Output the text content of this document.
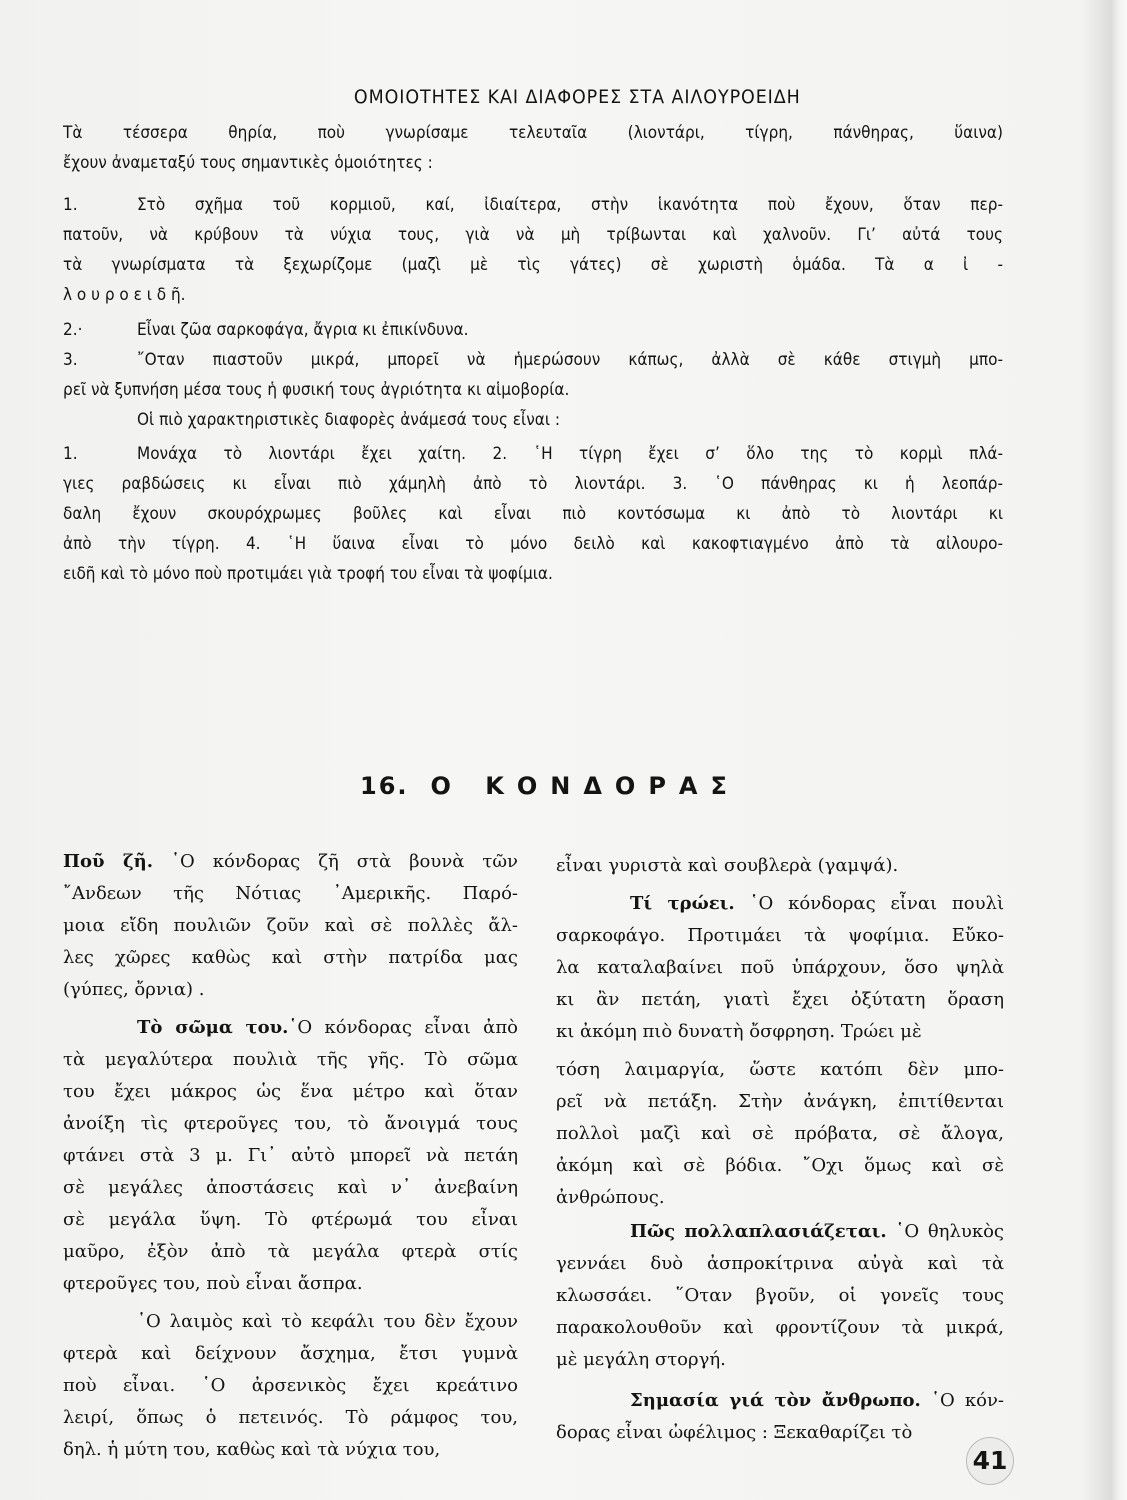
ΟΜΟΙΟΤΗΤΕΣ ΚΑΙ ΔΙΑΦΟΡΕΣ ΣΤΑ ΑΙΛΟΥΡΟΕΙΔΗ
Τὰ τέσσερα θηρία, ποὺ γνωρίσαμε τελευταῖα (λιοντάρι, τίγρη, πάνθηρας, ὕαινα)
ἔχουν ἀναμεταξύ τους σημαντικὲς ὁμοιότητες :
1.	Στὸ σχῆμα τοῦ κορμιοῦ, καί, ἰδιαίτερα, στὴν ἱκανότητα ποὺ ἔχουν, ὅταν περ-
πατοῦν, νὰ κρύβουν τὰ νύχια τους, γιὰ νὰ μὴ τρίβωνται καὶ χαλνοῦν. Γι’ αὐτά τους
τὰ γνωρίσματα τὰ ξεχωρίζομε (μαζὶ μὲ τὶς γάτες) σὲ χωριστὴ ὁμάδα. Τὰ α ἰ -
λ ο υ ρ ο ε ι δ ῆ.
2.·	Εἶναι ζῶα σαρκοφάγα, ἄγρια κι ἐπικίνδυνα.
3.	῎Οταν πιαστοῦν μικρά, μπορεῖ νὰ ἡμερώσουν κάπως, ἀλλὰ σὲ κάθε στιγμὴ μπο-
ρεῖ νὰ ξυπνήση μέσα τους ἡ φυσική τους ἀγριότητα κι αἱμοβορία.
Οἱ πιὸ χαρακτηριστικὲς διαφορὲς ἀνάμεσά τους εἶναι :
1.	Μονάχα τὸ λιοντάρι ἔχει χαίτη. 2. ῾Η τίγρη ἔχει σ’ ὅλο της τὸ κορμὶ πλά-
γιες ραβδώσεις κι εἶναι πιὸ χάμηλὴ ἀπὸ τὸ λιοντάρι. 3. ῾Ο πάνθηρας κι ἡ λεοπάρ-
δαλη ἔχουν σκουρόχρωμες βοῦλες καὶ εἶναι πιὸ κοντόσωμα κι ἀπὸ τὸ λιοντάρι κι
ἀπὸ τὴν τίγρη. 4. ῾Η ὕαινα εἶναι τὸ μόνο δειλὸ καὶ κακοφτιαγμένο ἀπὸ τὰ αἰλουρο-
ειδῆ καὶ τὸ μόνο ποὺ προτιμάει γιὰ τροφή του εἶναι τὰ ψοφίμια.
16. Ο ΚΟΝΔΟΡΑΣ
Ποῦ ζῆ. ῾Ο κόνδορας ζῆ στὰ βουνὰ τῶν
῎Ανδεων τῆς Νότιας ᾿Αμερικῆς. Παρό-
μοια εἴδη πουλιῶν ζοῦν καὶ σὲ πολλὲς ἄλ-
λες χῶρες καθὼς καὶ στὴν πατρίδα μας
(γύπες, ὄρνια) .
Τὸ σῶμα του.῾Ο κόνδορας εἶναι ἀπὸ
τὰ μεγαλύτερα πουλιὰ τῆς γῆς. Τὸ σῶμα
του ἔχει μάκρος ὡς ἕνα μέτρο καὶ ὅταν
ἀνοίξη τὶς φτεροῦγες του, τὸ ἄνοιγμά τους
φτάνει στὰ 3 μ. Γι᾿ αὐτὸ μπορεῖ νὰ πετάη
σὲ μεγάλες ἀποστάσεις καὶ ν᾿ ἀνεβαίνη
σὲ μεγάλα ὕψη. Τὸ φτέρωμά του εἶναι
μαῦρο, ἐξὸν ἀπὸ τὰ μεγάλα φτερὰ στίς
φτεροῦγες του, ποὺ εἶναι ἄσπρα.
῾Ο λαιμὸς καὶ τὸ κεφάλι του δὲν ἔχουν
φτερὰ καὶ δείχνουν ἄσχημα, ἔτσι γυμνὰ
ποὺ εἶναι. ῾Ο ἀρσενικὸς ἔχει κρεάτινο
λειρί, ὅπως ὁ πετεινός. Τὸ ράμφος του,
δηλ. ἡ μύτη του, καθὼς καὶ τὰ νύχια του,
εἶναι γυριστὰ καὶ σουβλερὰ (γαμψά).
Τί τρώει. ῾Ο κόνδορας εἶναι πουλὶ
σαρκοφάγο. Προτιμάει τὰ ψοφίμια. Εὔκο-
λα καταλαβαίνει ποῦ ὑπάρχουν, ὅσο ψηλὰ
κι ἂν πετάη, γιατὶ ἔχει ὀξύτατη ὅραση
κι ἀκόμη πιὸ δυνατὴ ὄσφρηση. Τρώει μὲ
τόση λαιμαργία, ὥστε κατόπι δὲν μπο-
ρεῖ νὰ πετάξη. Στὴν ἀνάγκη, ἐπιτίθενται
πολλοὶ μαζὶ καὶ σὲ πρόβατα, σὲ ἄλογα,
ἀκόμη καὶ σὲ βόδια. ῎Οχι ὅμως καὶ σὲ
ἀνθρώπους.
Πῶς πολλαπλασιάζεται. ῾Ο θηλυκὸς
γεννάει δυὸ ἀσπροκίτρινα αὐγὰ καὶ τὰ
κλωσσάει. ῞Οταν βγοῦν, οἱ γονεῖς τους
παρακολουθοῦν καὶ φροντίζουν τὰ μικρά,
μὲ μεγάλη στοργή.
Σημασία γιά τὸν ἄνθρωπο. ῾Ο κόν-
δορας εἶναι ὠφέλιμος : Ξεκαθαρίζει τὸ
41
